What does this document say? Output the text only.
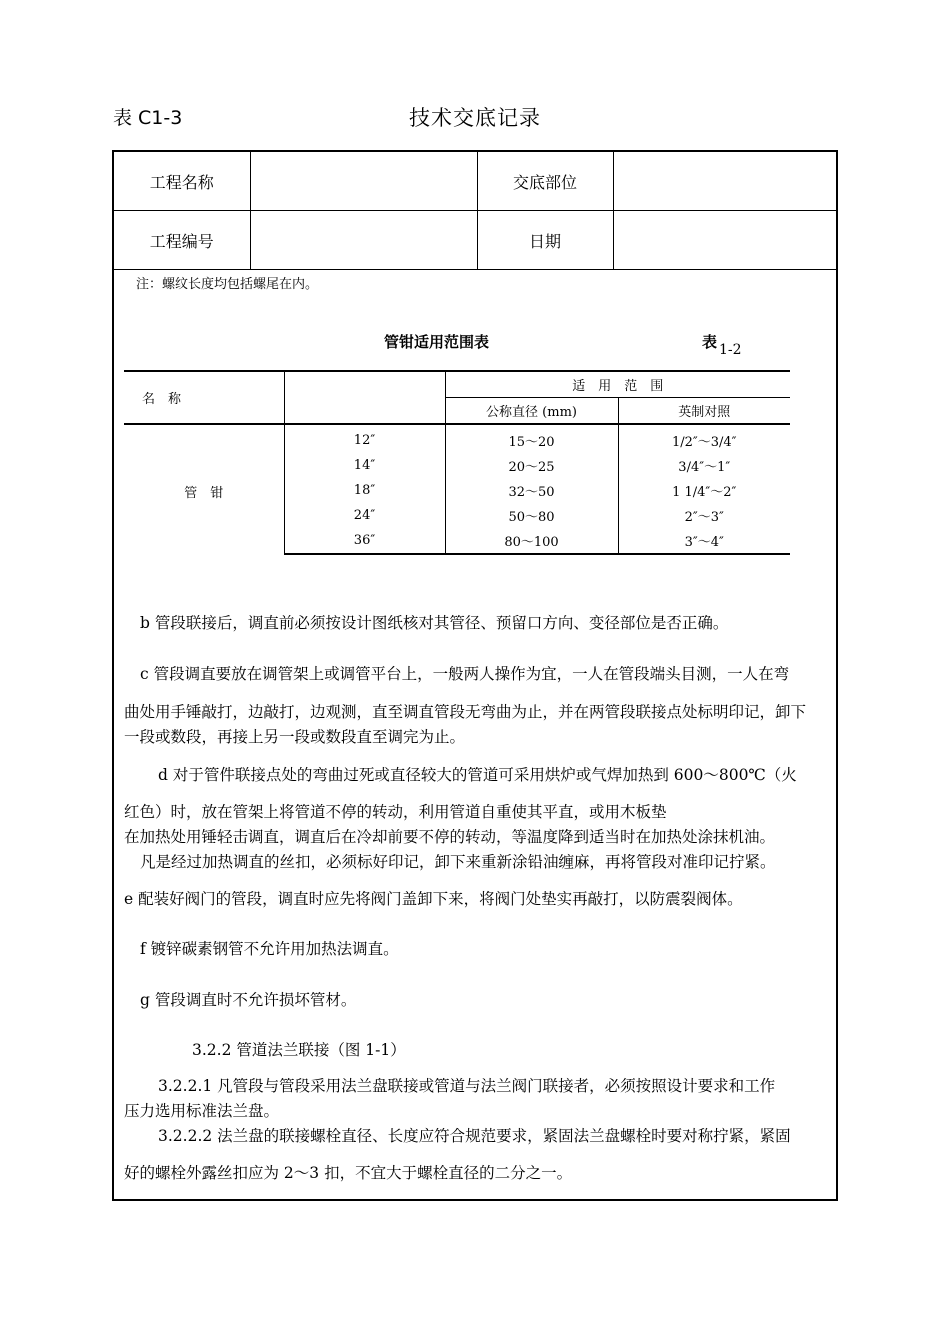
表 C1-3	技术交底记录
工程名称		交底部位	
工程编号		日期	
注：螺纹长度均包括螺尾在内。
管钳适用范围表	表 1-2
名　称		适　用　范　围	
		公称直径 (mm)	英制对照
管　钳	12″	15～20	1/2″～3/4″
	14″	20～25	3/4″～1″
	18″	32～50	1 1/4″～2″
	24″	50～80	2″～3″
	36″	80～100	3″～4″
b 管段联接后，调直前必须按设计图纸核对其管径、预留口方向、变径部位是否正确。
c 管段调直要放在调管架上或调管平台上，一般两人操作为宜，一人在管段端头目测，一人在弯
曲处用手锤敲打，边敲打，边观测，直至调直管段无弯曲为止，并在两管段联接点处标明印记，卸下
一段或数段，再接上另一段或数段直至调完为止。
d 对于管件联接点处的弯曲过死或直径较大的管道可采用烘炉或气焊加热到 600～800℃（火
红色）时，放在管架上将管道不停的转动，利用管道自重使其平直，或用木板垫
在加热处用锤轻击调直，调直后在冷却前要不停的转动，等温度降到适当时在加热处涂抹机油。
凡是经过加热调直的丝扣，必须标好印记，卸下来重新涂铅油缠麻，再将管段对准印记拧紧。
e 配装好阀门的管段，调直时应先将阀门盖卸下来，将阀门处垫实再敲打，以防震裂阀体。
f 镀锌碳素钢管不允许用加热法调直。
g 管段调直时不允许损坏管材。
3.2.2 管道法兰联接（图 1-1）
3.2.2.1 凡管段与管段采用法兰盘联接或管道与法兰阀门联接者，必须按照设计要求和工作
压力选用标准法兰盘。
3.2.2.2 法兰盘的联接螺栓直径、长度应符合规范要求，紧固法兰盘螺栓时要对称拧紧，紧固
好的螺栓外露丝扣应为 2～3 扣，不宜大于螺栓直径的二分之一。
